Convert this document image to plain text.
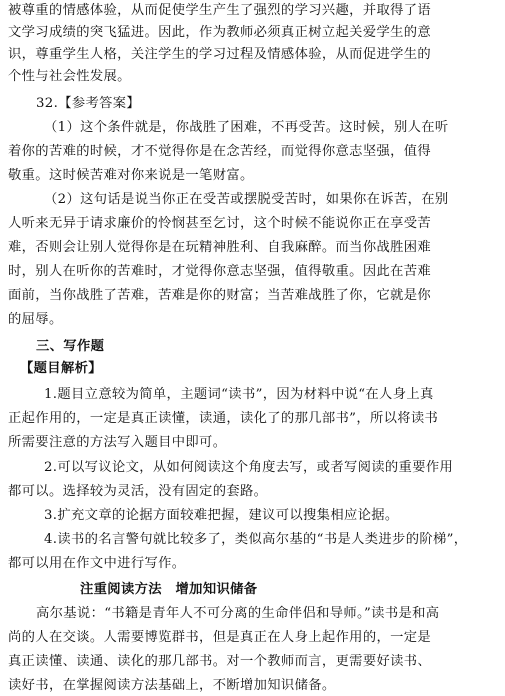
被尊重的情感体验，从而促使学生产生了强烈的学习兴趣，并取得了语
文学习成绩的突飞猛进。因此，作为教师必须真正树立起关爱学生的意
识，尊重学生人格，关注学生的学习过程及情感体验，从而促进学生的
个性与社会性发展。
32.【参考答案】
（1）这个条件就是，你战胜了困难，不再受苦。这时候，别人在听
着你的苦难的时候，才不觉得你是在念苦经，而觉得你意志坚强，值得
敬重。这时候苦难对你来说是一笔财富。
（2）这句话是说当你正在受苦或摆脱受苦时，如果你在诉苦，在别
人听来无异于请求廉价的怜悯甚至乞讨，这个时候不能说你正在享受苦
难，否则会让别人觉得你是在玩精神胜利、自我麻醉。而当你战胜困难
时，别人在听你的苦难时，才觉得你意志坚强，值得敬重。因此在苦难
面前，当你战胜了苦难，苦难是你的财富；当苦难战胜了你，它就是你
的屈辱。
三、写作题
【题目解析】
1.题目立意较为简单，主题词“读书”，因为材料中说“在人身上真
正起作用的，一定是真正读懂，读通，读化了的那几部书”，所以将读书
所需要注意的方法写入题目中即可。
2.可以写议论文，从如何阅读这个角度去写，或者写阅读的重要作用
都可以。选择较为灵活，没有固定的套路。
3.扩充文章的论据方面较难把握，建议可以搜集相应论据。
4.读书的名言警句就比较多了，类似高尔基的“书是人类进步的阶梯”，
都可以用在作文中进行写作。
注重阅读方法　增加知识储备
高尔基说：“书籍是青年人不可分离的生命伴侣和导师。”读书是和高
尚的人在交谈。人需要博览群书，但是真正在人身上起作用的，一定是
真正读懂、读通、读化的那几部书。对一个教师而言，更需要好读书、
读好书，在掌握阅读方法基础上，不断增加知识储备。
